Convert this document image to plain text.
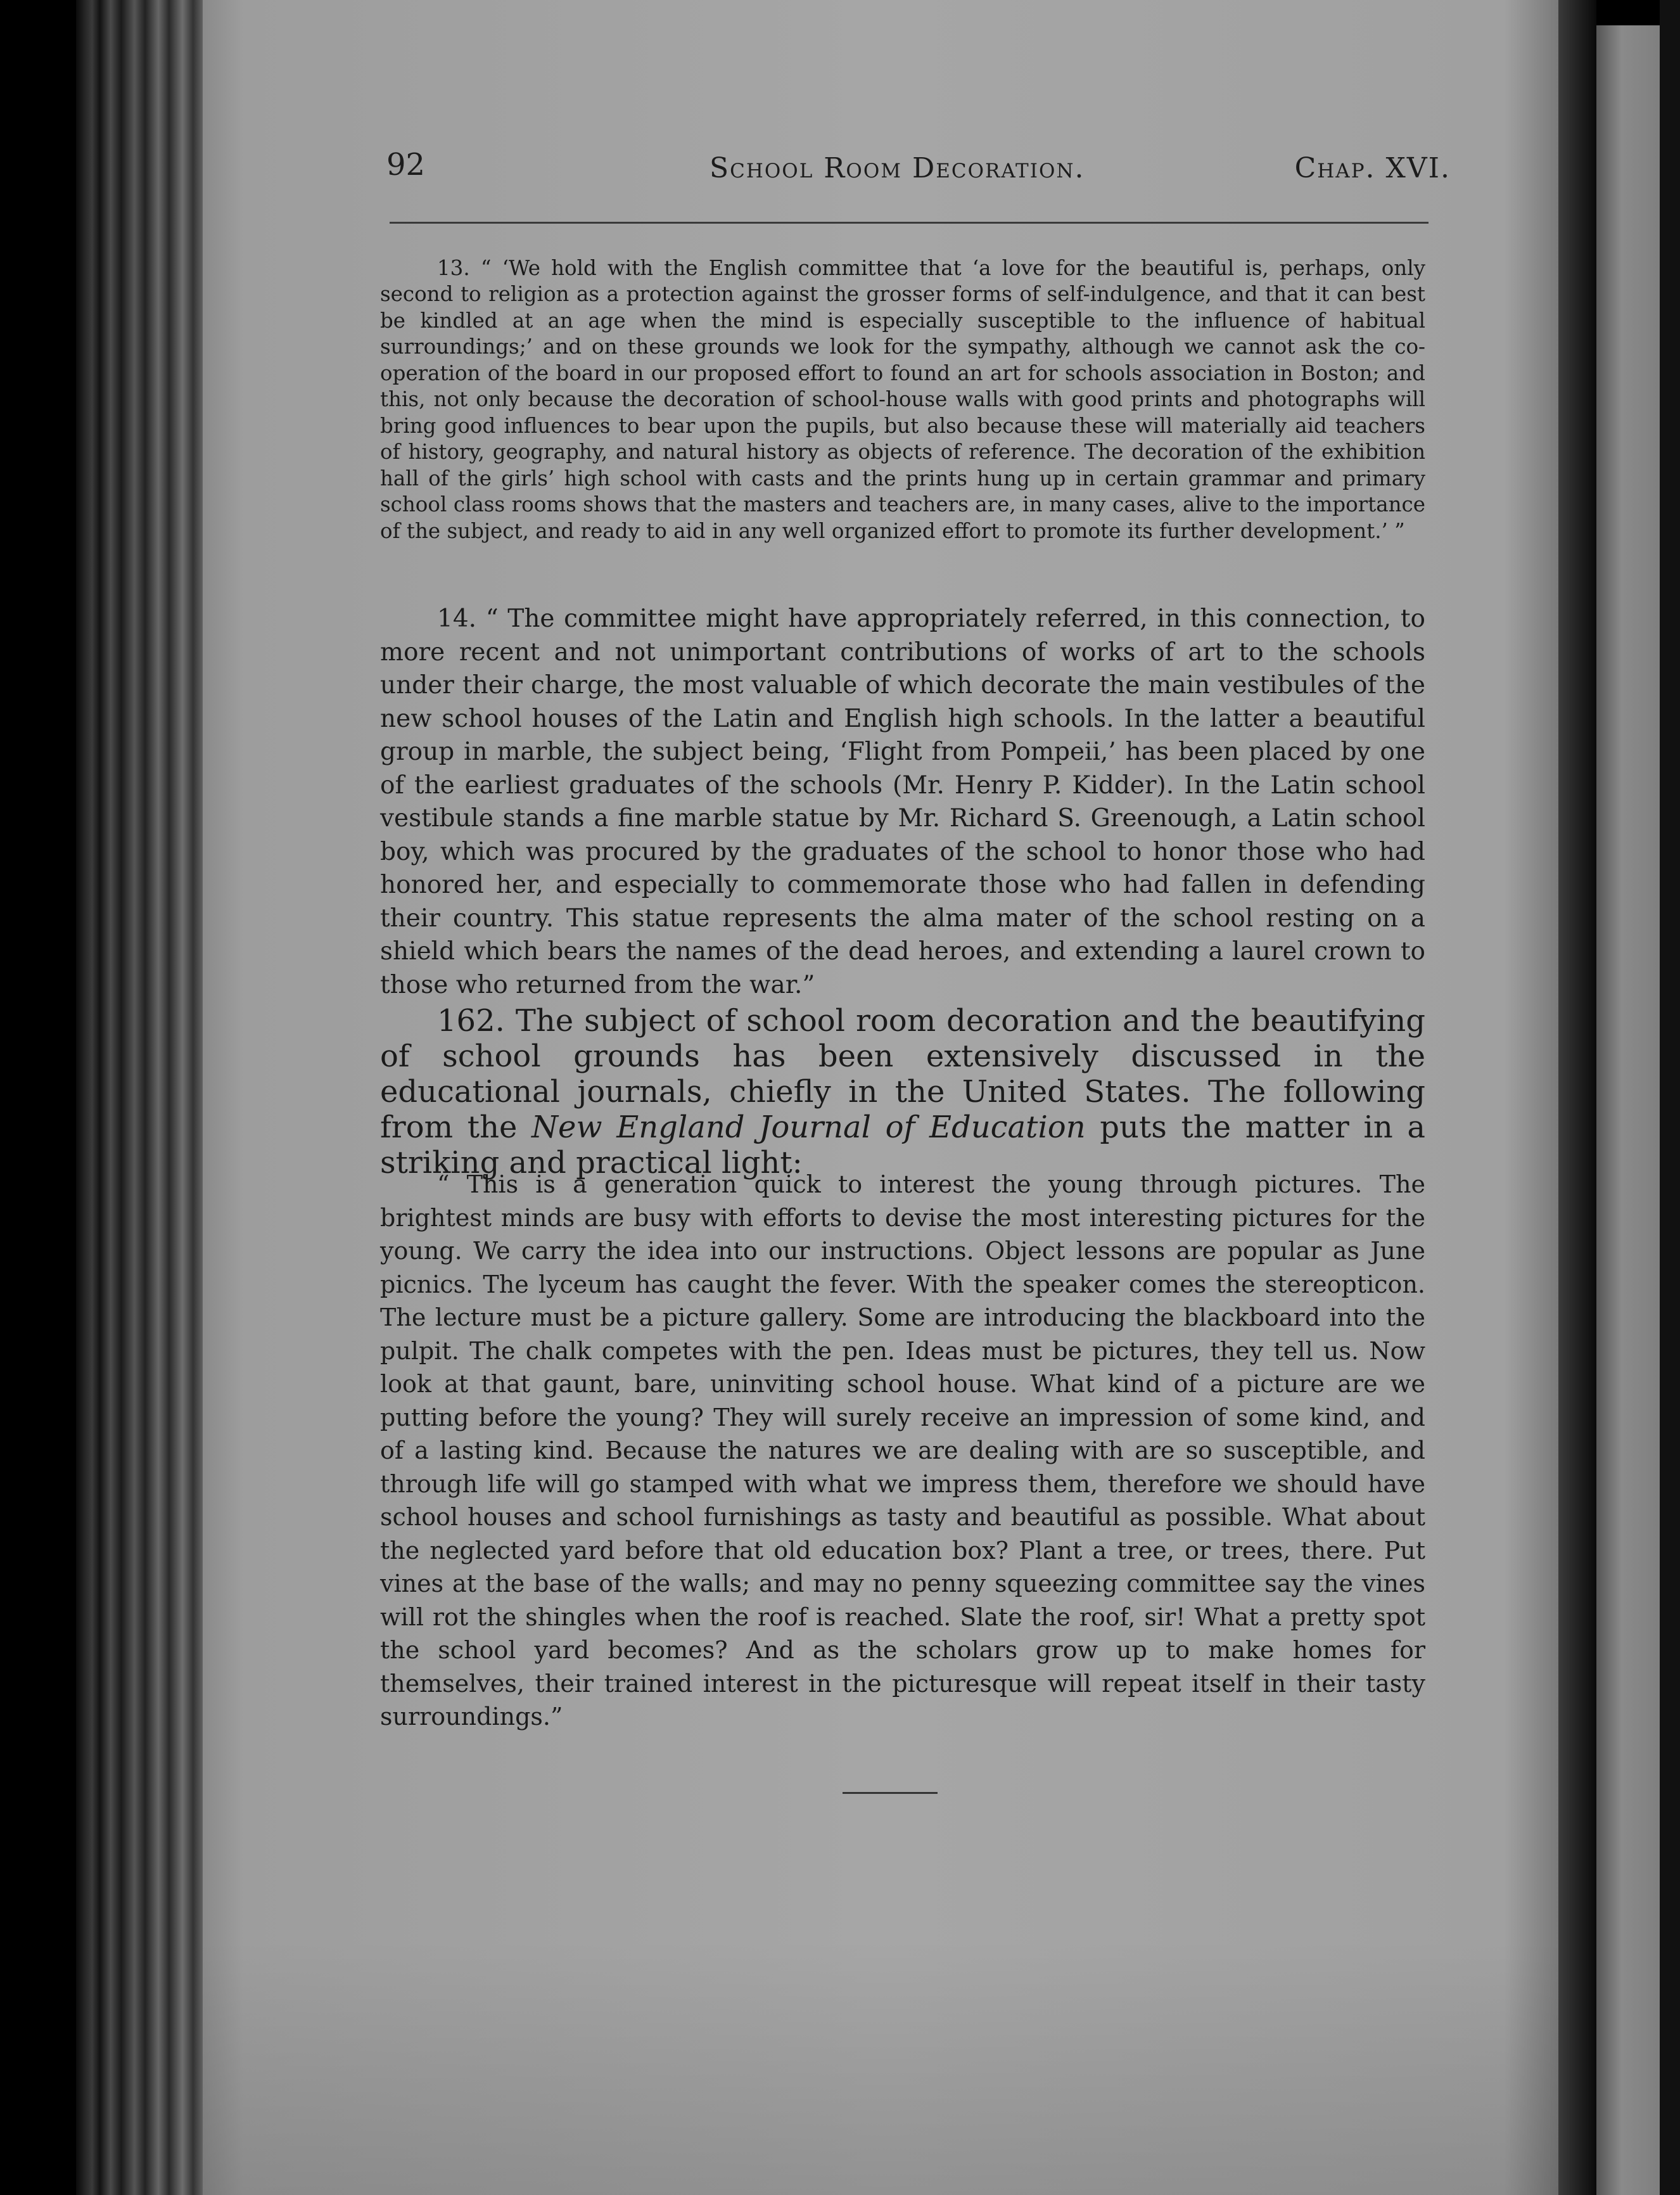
92	School Room Decoration.	Chap. XVI.

13. “ ‘We hold with the English committee that ‘a love for the beautiful is, perhaps, only second to religion as a protection against the grosser forms of self-indulgence, and that it can best be kindled at an age when the mind is especially susceptible to the influence of habitual surroundings;’ and on these grounds we look for the sympathy, although we cannot ask the co-operation of the board in our proposed effort to found an art for schools association in Boston; and this, not only because the decoration of school-house walls with good prints and photographs will bring good influences to bear upon the pupils, but also because these will materially aid teachers of history, geography, and natural history as objects of reference. The decoration of the exhibition hall of the girls’ high school with casts and the prints hung up in certain grammar and primary school class rooms shows that the masters and teachers are, in many cases, alive to the importance of the subject, and ready to aid in any well organized effort to promote its further development.’ ”

14. “ The committee might have appropriately referred, in this connection, to more recent and not unimportant contributions of works of art to the schools under their charge, the most valuable of which decorate the main vestibules of the new school houses of the Latin and English high schools. In the latter a beautiful group in marble, the subject being, ‘Flight from Pompeii,’ has been placed by one of the earliest graduates of the schools (Mr. Henry P. Kidder). In the Latin school vestibule stands a fine marble statue by Mr. Richard S. Greenough, a Latin school boy, which was procured by the graduates of the school to honor those who had honored her, and especially to commemorate those who had fallen in defending their country. This statue represents the alma mater of the school resting on a shield which bears the names of the dead heroes, and extending a laurel crown to those who returned from the war.”

162. The subject of school room decoration and the beautifying of school grounds has been extensively discussed in the educational journals, chiefly in the United States. The following from the New England Journal of Education puts the matter in a striking and practical light:

“ This is a generation quick to interest the young through pictures. The brightest minds are busy with efforts to devise the most interesting pictures for the young. We carry the idea into our instructions. Object lessons are popular as June picnics. The lyceum has caught the fever. With the speaker comes the stereopticon. The lecture must be a picture gallery. Some are introducing the blackboard into the pulpit. The chalk competes with the pen. Ideas must be pictures, they tell us. Now look at that gaunt, bare, uninviting school house. What kind of a picture are we putting before the young? They will surely receive an impression of some kind, and of a lasting kind. Because the natures we are dealing with are so susceptible, and through life will go stamped with what we impress them, therefore we should have school houses and school furnishings as tasty and beautiful as possible. What about the neglected yard before that old education box? Plant a tree, or trees, there. Put vines at the base of the walls; and may no penny squeezing committee say the vines will rot the shingles when the roof is reached. Slate the roof, sir! What a pretty spot the school yard becomes? And as the scholars grow up to make homes for themselves, their trained interest in the picturesque will repeat itself in their tasty surroundings.”
